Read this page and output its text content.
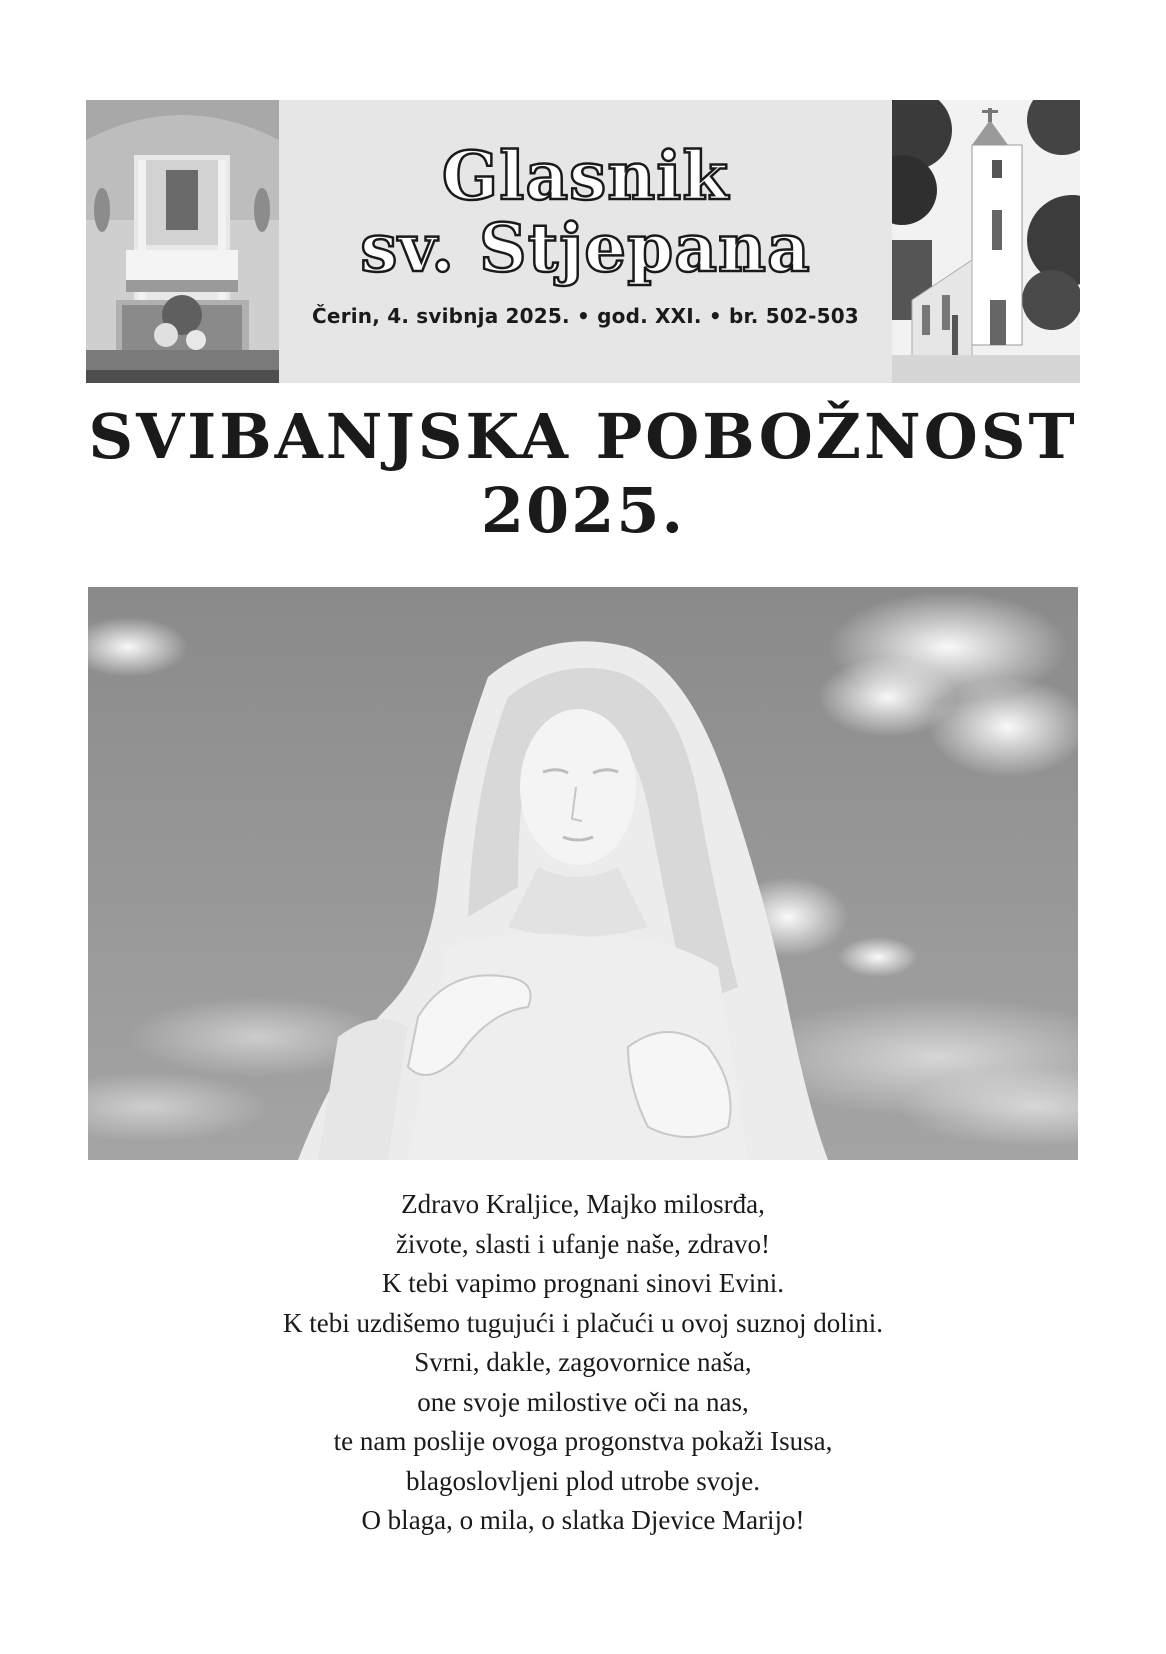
Glasnik
sv. Stjepana
Čerin, 4. svibnja 2025. • god. XXI. • br. 502-503
SVIBANJSKA POBOŽNOST
2025.
Zdravo Kraljice, Majko milosrđa,
živote, slasti i ufanje naše, zdravo!
K tebi vapimo prognani sinovi Evini.
K tebi uzdišemo tugujući i plačući u ovoj suznoj dolini.
Svrni, dakle, zagovornice naša,
one svoje milostive oči na nas,
te nam poslije ovoga progonstva pokaži Isusa,
blagoslovljeni plod utrobe svoje.
O blaga, o mila, o slatka Djevice Marijo!
